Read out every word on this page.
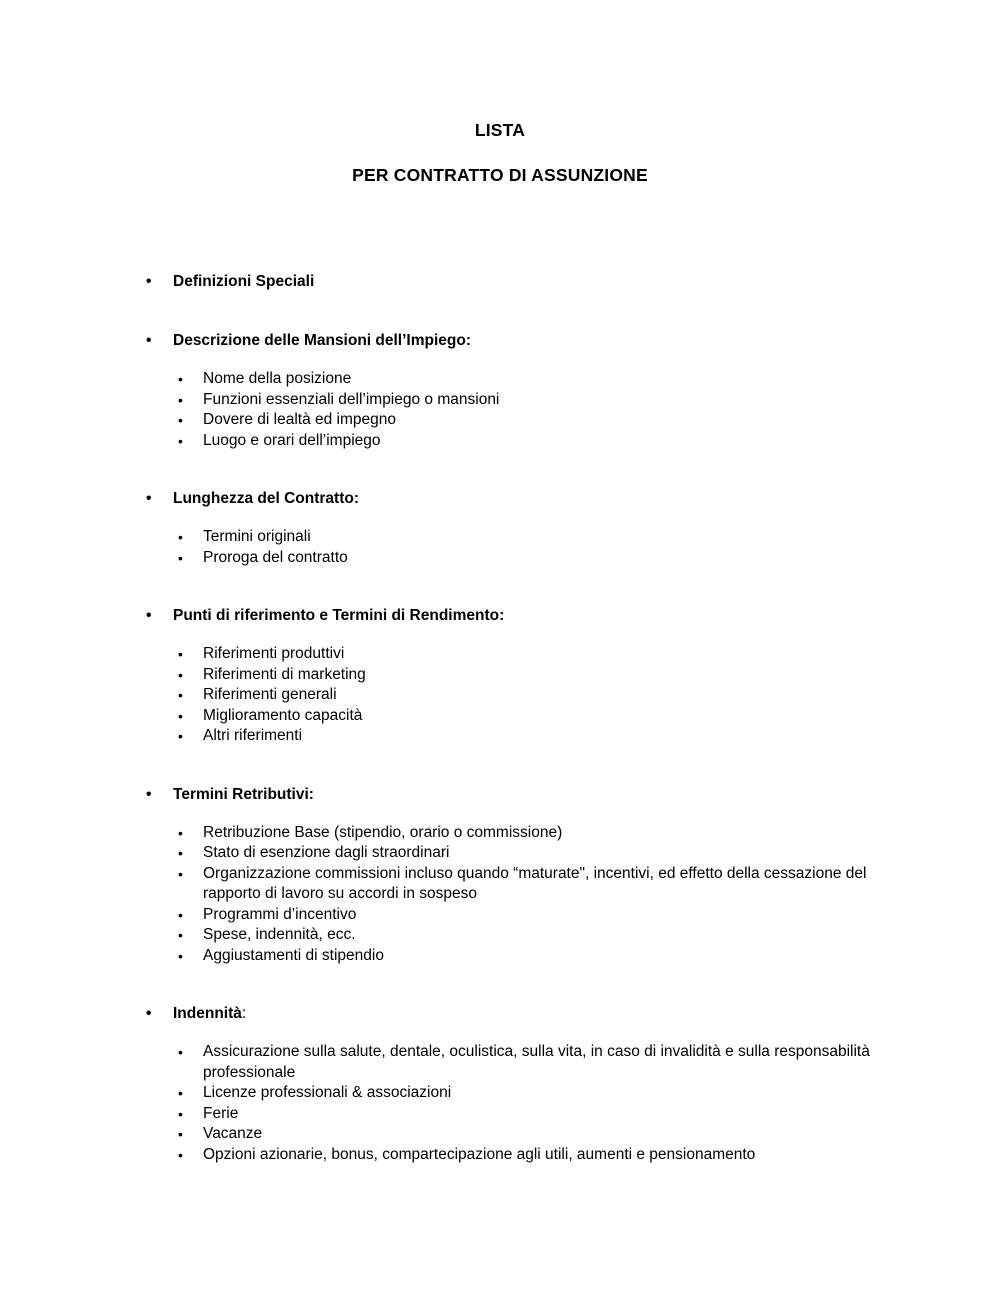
LISTA
PER CONTRATTO DI ASSUNZIONE
•	Definizioni Speciali
•	Descrizione delle Mansioni dell’Impiego:
•	Nome della posizione
•	Funzioni essenziali dell’impiego o mansioni
•	Dovere di lealtà ed impegno
•	Luogo e orari dell’impiego
•	Lunghezza del Contratto:
•	Termini originali
•	Proroga del contratto
•	Punti di riferimento e Termini di Rendimento:
•	Riferimenti produttivi
•	Riferimenti di marketing
•	Riferimenti generali
•	Miglioramento capacità
•	Altri riferimenti
•	Termini Retributivi:
•	Retribuzione Base (stipendio, orario o commissione)
•	Stato di esenzione dagli straordinari
•	Organizzazione commissioni incluso quando “maturate", incentivi, ed effetto della cessazione del rapporto di lavoro su accordi in sospeso
•	Programmi d’incentivo
•	Spese, indennità, ecc.
•	Aggiustamenti di stipendio
•	Indennità:
•	Assicurazione sulla salute, dentale, oculistica, sulla vita, in caso di invalidità e sulla responsabilità professionale
•	Licenze professionali & associazioni
•	Ferie
•	Vacanze
•	Opzioni azionarie, bonus, compartecipazione agli utili, aumenti e pensionamento
